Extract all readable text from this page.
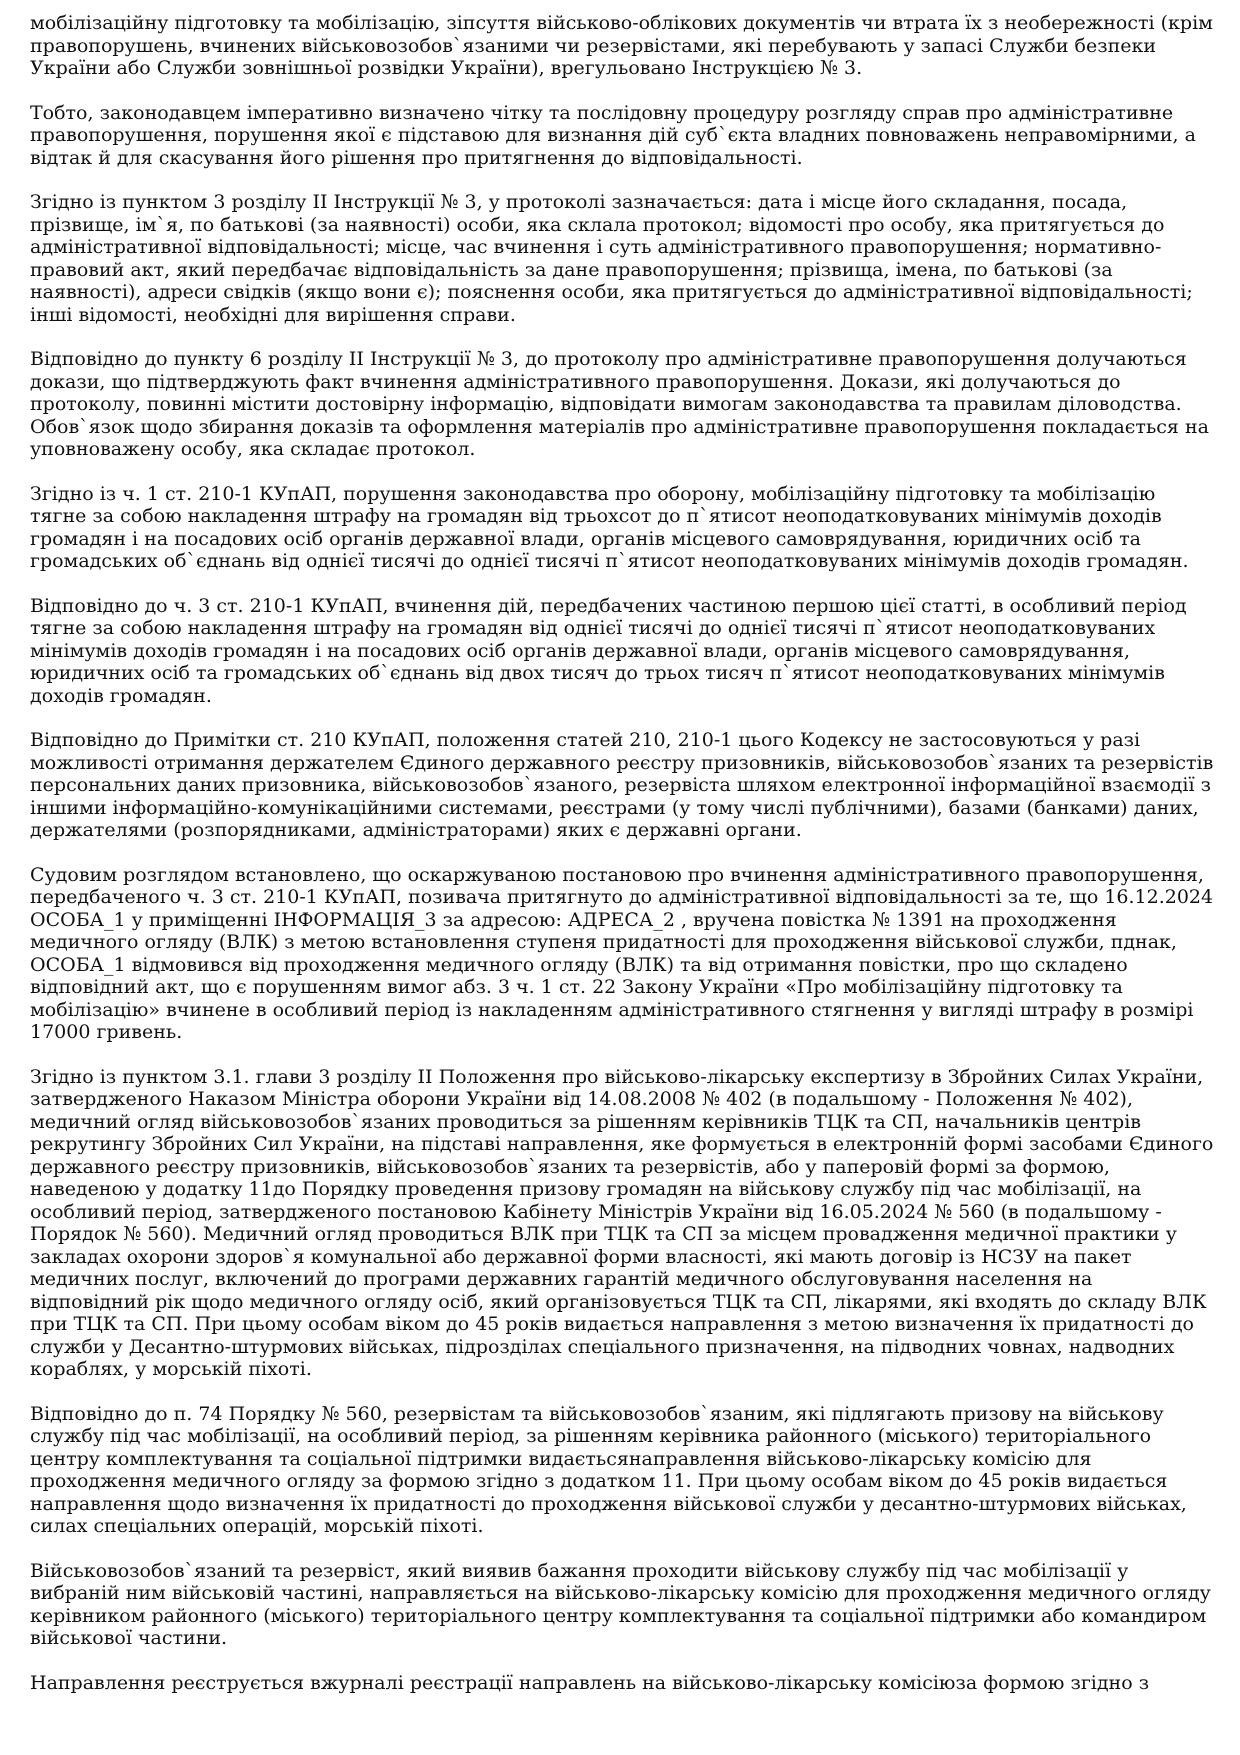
мобілізаційну підготовку та мобілізацію, зіпсуття військово-облікових документів чи втрата їх з необережності (крім правопорушень, вчинених військовозобов`язаними чи резервістами, які перебувають у запасі Служби безпеки України або Служби зовнішньої розвідки України), врегульовано Інструкцією № 3.

Тобто, законодавцем імперативно визначено чітку та послідовну процедуру розгляду справ про адміністративне правопорушення, порушення якої є підставою для визнання дій суб`єкта владних повноважень неправомірними, а відтак й для скасування його рішення про притягнення до відповідальності.

Згідно із пунктом 3 розділу ІІ Інструкції № 3, у протоколі зазначається: дата і місце його складання, посада, прізвище, ім`я, по батькові (за наявності) особи, яка склала протокол; відомості про особу, яка притягується до адміністративної відповідальності; місце, час вчинення і суть адміністративного правопорушення; нормативно-правовий акт, який передбачає відповідальність за дане правопорушення; прізвища, імена, по батькові (за наявності), адреси свідків (якщо вони є); пояснення особи, яка притягується до адміністративної відповідальності; інші відомості, необхідні для вирішення справи.

Відповідно до пункту 6 розділу ІІ Інструкції № 3, до протоколу про адміністративне правопорушення долучаються докази, що підтверджують факт вчинення адміністративного правопорушення. Докази, які долучаються до протоколу, повинні містити достовірну інформацію, відповідати вимогам законодавства та правилам діловодства. Обов`язок щодо збирання доказів та оформлення матеріалів про адміністративне правопорушення покладається на уповноважену особу, яка складає протокол.

Згідно із ч. 1 ст. 210-1 КУпАП, порушення законодавства про оборону, мобілізаційну підготовку та мобілізацію тягне за собою накладення штрафу на громадян від трьохсот до п`ятисот неоподатковуваних мінімумів доходів громадян і на посадових осіб органів державної влади, органів місцевого самоврядування, юридичних осіб та громадських об`єднань від однієї тисячі до однієї тисячі п`ятисот неоподатковуваних мінімумів доходів громадян.

Відповідно до ч. 3 ст. 210-1 КУпАП, вчинення дій, передбачених частиною першою цієї статті, в особливий період тягне за собою накладення штрафу на громадян від однієї тисячі до однієї тисячі п`ятисот неоподатковуваних мінімумів доходів громадян і на посадових осіб органів державної влади, органів місцевого самоврядування, юридичних осіб та громадських об`єднань від двох тисяч до трьох тисяч п`ятисот неоподатковуваних мінімумів доходів громадян.

Відповідно до Примітки ст. 210 КУпАП, положення статей 210, 210-1 цього Кодексу не застосовуються у разі можливості отримання держателем Єдиного державного реєстру призовників, військовозобов`язаних та резервістів персональних даних призовника, військовозобов`язаного, резервіста шляхом електронної інформаційної взаємодії з іншими інформаційно-комунікаційними системами, реєстрами (у тому числі публічними), базами (банками) даних, держателями (розпорядниками, адміністраторами) яких є державні органи.

Судовим розглядом встановлено, що оскаржуваною постановою про вчинення адміністративного правопорушення, передбаченого ч. 3 ст. 210-1 КУпАП, позивача притягнуто до адміністративної відповідальності за те, що 16.12.2024 ОСОБА_1 у приміщенні ІНФОРМАЦІЯ_3 за адресою: АДРЕСА_2 , вручена повістка № 1391 на проходження медичного огляду (ВЛК) з метою встановлення ступеня придатності для проходження військової служби, пднак, ОСОБА_1 відмовився від проходження медичного огляду (ВЛК) та від отримання повістки, про що складено відповідний акт, що є порушенням вимог абз. 3 ч. 1 ст. 22 Закону України «Про мобілізаційну підготовку та мобілізацію» вчинене в особливий період із накладенням адміністративного стягнення у вигляді штрафу в розмірі 17000 гривень.

Згідно із пунктом 3.1. глави 3 розділу ІІ Положення про військово-лікарську експертизу в Збройних Силах України, затвердженого Наказом Міністра оборони України від 14.08.2008 № 402 (в подальшому - Положення № 402), медичний огляд військовозобов`язаних проводиться за рішенням керівників ТЦК та СП, начальників центрів рекрутингу Збройних Сил України, на підставі направлення, яке формується в електронній формі засобами Єдиного державного реєстру призовників, військовозобов`язаних та резервістів, або у паперовій формі за формою, наведеною у додатку 11до Порядку проведення призову громадян на військову службу під час мобілізації, на особливий період, затвердженого постановою Кабінету Міністрів України від 16.05.2024 № 560 (в подальшому - Порядок № 560). Медичний огляд проводиться ВЛК при ТЦК та СП за місцем провадження медичної практики у закладах охорони здоров`я комунальної або державної форми власності, які мають договір із НСЗУ на пакет медичних послуг, включений до програми державних гарантій медичного обслуговування населення на відповідний рік щодо медичного огляду осіб, який організовується ТЦК та СП, лікарями, які входять до складу ВЛК при ТЦК та СП. При цьому особам віком до 45 років видається направлення з метою визначення їх придатності до служби у Десантно-штурмових військах, підрозділах спеціального призначення, на підводних човнах, надводних кораблях, у морській піхоті.

Відповідно до п. 74 Порядку № 560, резервістам та військовозобов`язаним, які підлягають призову на військову службу під час мобілізації, на особливий період, за рішенням керівника районного (міського) територіального центру комплектування та соціальної підтримки видаєтьсянаправлення військово-лікарську комісію для проходження медичного огляду за формою згідно з додатком 11. При цьому особам віком до 45 років видається направлення щодо визначення їх придатності до проходження військової служби у десантно-штурмових військах, силах спеціальних операцій, морській піхоті.

Військовозобов`язаний та резервіст, який виявив бажання проходити військову службу під час мобілізації у вибраній ним військовій частині, направляється на військово-лікарську комісію для проходження медичного огляду керівником районного (міського) територіального центру комплектування та соціальної підтримки або командиром військової частини.

Направлення реєструється вжурналі реєстрації направлень на військово-лікарську комісіюза формою згідно з
